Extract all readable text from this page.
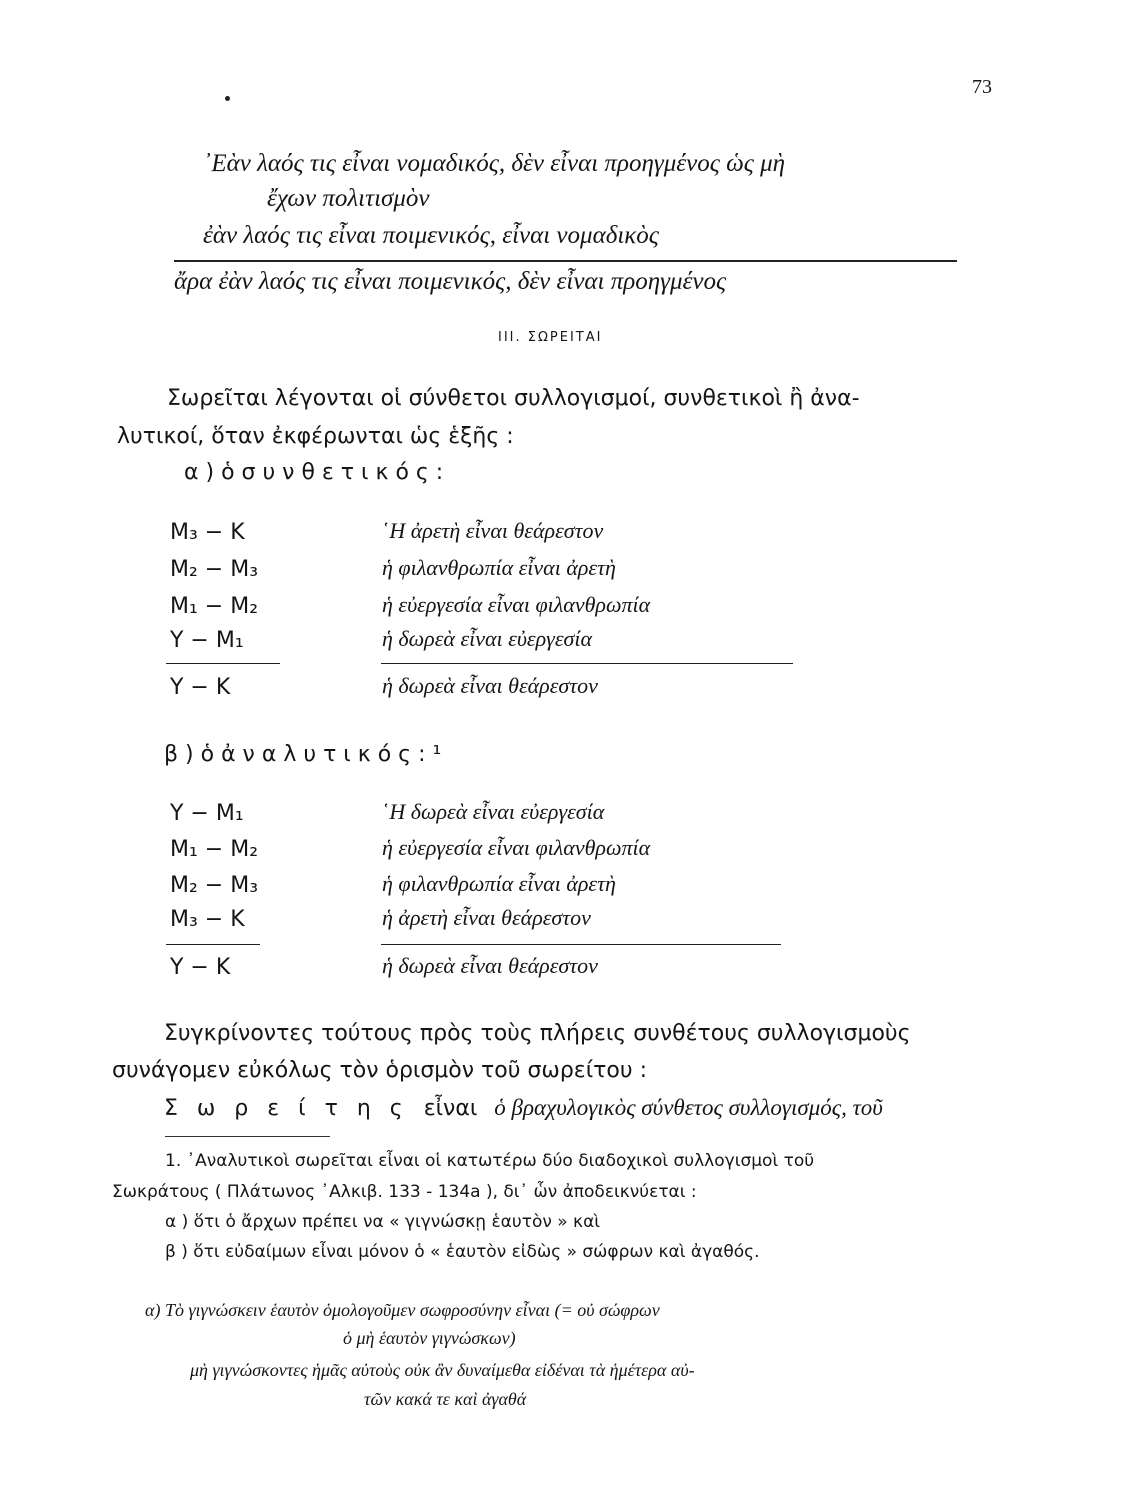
73
᾿Εὰν λαός τις εἶναι νομαδικός, δὲν εἶναι προηγμένος ὡς μὴ
ἔχων πολιτισμὸν
ἐὰν λαός τις εἶναι ποιμενικός, εἶναι νομαδικὸς
ἄρα ἐὰν λαός τις εἶναι ποιμενικός, δὲν εἶναι προηγμένος
ΙΙΙ. ΣΩΡΕΙΤΑΙ
Σωρεῖται λέγονται οἱ σύνθετοι συλλογισμοί, συνθετικοὶ ἢ ἀνα-
λυτικοί, ὅταν ἐκφέρωνται ὡς ἑξῆς :
α ) ὁ σ υ ν θ ε τ ι κ ό ς :
M₃ − K	῾Η ἀρετὴ εἶναι θεάρεστον
M₂ − M₃	ἡ φιλανθρωπία εἶναι ἀρετὴ
M₁ − M₂	ἡ εὐεργεσία εἶναι φιλανθρωπία
Y − M₁	ἡ δωρεὰ εἶναι εὐεργεσία
Y − K	ἡ δωρεὰ εἶναι θεάρεστον
β ) ὁ ἀ ν α λ υ τ ι κ ό ς : ¹
Y − M₁	῾Η δωρεὰ εἶναι εὐεργεσία
M₁ − M₂	ἡ εὐεργεσία εἶναι φιλανθρωπία
M₂ − M₃	ἡ φιλανθρωπία εἶναι ἀρετὴ
M₃ − K	ἡ ἀρετὴ εἶναι θεάρεστον
Y − K	ἡ δωρεὰ εἶναι θεάρεστον
Συγκρίνοντες τούτους πρὸς τοὺς πλήρεις συνθέτους συλλογισμοὺς
συνάγομεν εὐκόλως τὸν ὁρισμὸν τοῦ σωρείτου :
Σ ω ρ ε ί τ η ς εἶναι ὁ βραχυλογικὸς σύνθετος συλλογισμός, τοῦ
1. ᾿Αναλυτικοὶ σωρεῖται εἶναι οἱ κατωτέρω δύο διαδοχικοὶ συλλογισμοὶ τοῦ
Σωκράτους ( Πλάτωνος ᾿Αλκιβ. 133 - 134a ), δι᾿ ὧν ἀποδεικνύεται :
α ) ὅτι ὁ ἄρχων πρέπει να « γιγνώσκῃ ἑαυτὸν » καὶ
β ) ὅτι εὐδαίμων εἶναι μόνον ὁ « ἑαυτὸν εἰδὼς » σώφρων καὶ ἀγαθός.
α) Τὸ γιγνώσκειν ἑαυτὸν ὁμολογοῦμεν σωφροσύνην εἶναι (= οὐ σώφρων
ὁ μὴ ἑαυτὸν γιγνώσκων)
μὴ γιγνώσκοντες ἡμᾶς αὐτοὺς οὐκ ἂν δυναίμεθα εἰδέναι τὰ ἡμέτερα αὐ-
τῶν κακά τε καὶ ἀγαθά
